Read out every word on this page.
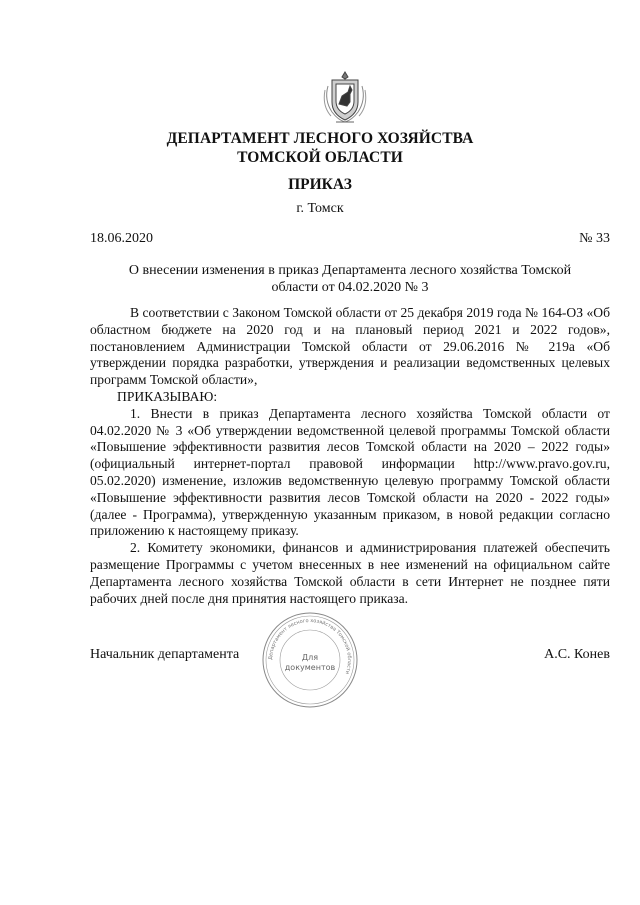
ДЕПАРТАМЕНТ ЛЕСНОГО ХОЗЯЙСТВА
ТОМСКОЙ ОБЛАСТИ
ПРИКАЗ
г. Томск
18.06.2020	№ 33
О внесении изменения в приказ Департамента лесного хозяйства Томской области от 04.02.2020 № 3

В соответствии с Законом Томской области от 25 декабря 2019 года № 164-ОЗ «Об областном бюджете на 2020 год и на плановый период 2021 и 2022 годов», постановлением Администрации Томской области от 29.06.2016 № 219а «Об утверждении порядка разработки, утверждения и реализации ведомственных целевых программ Томской области»,

ПРИКАЗЫВАЮ:

1. Внести в приказ Департамента лесного хозяйства Томской области от 04.02.2020 № 3 «Об утверждении ведомственной целевой программы Томской области «Повышение эффективности развития лесов Томской области на 2020 – 2022 годы» (официальный интернет-портал правовой информации http://www.pravo.gov.ru, 05.02.2020) изменение, изложив ведомственную целевую программу Томской области «Повышение эффективности развития лесов Томской области на 2020 - 2022 годы» (далее - Программа), утвержденную указанным приказом, в новой редакции согласно приложению к настоящему приказу.

2. Комитету экономики, финансов и администрирования платежей обеспечить размещение Программы с учетом внесенных в нее изменений на официальном сайте Департамента лесного хозяйства Томской области в сети Интернет не позднее пяти рабочих дней после дня принятия настоящего приказа.

Начальник департамента	А.С. Конев
Департамент лесного хозяйства Томской области
Для
документов
